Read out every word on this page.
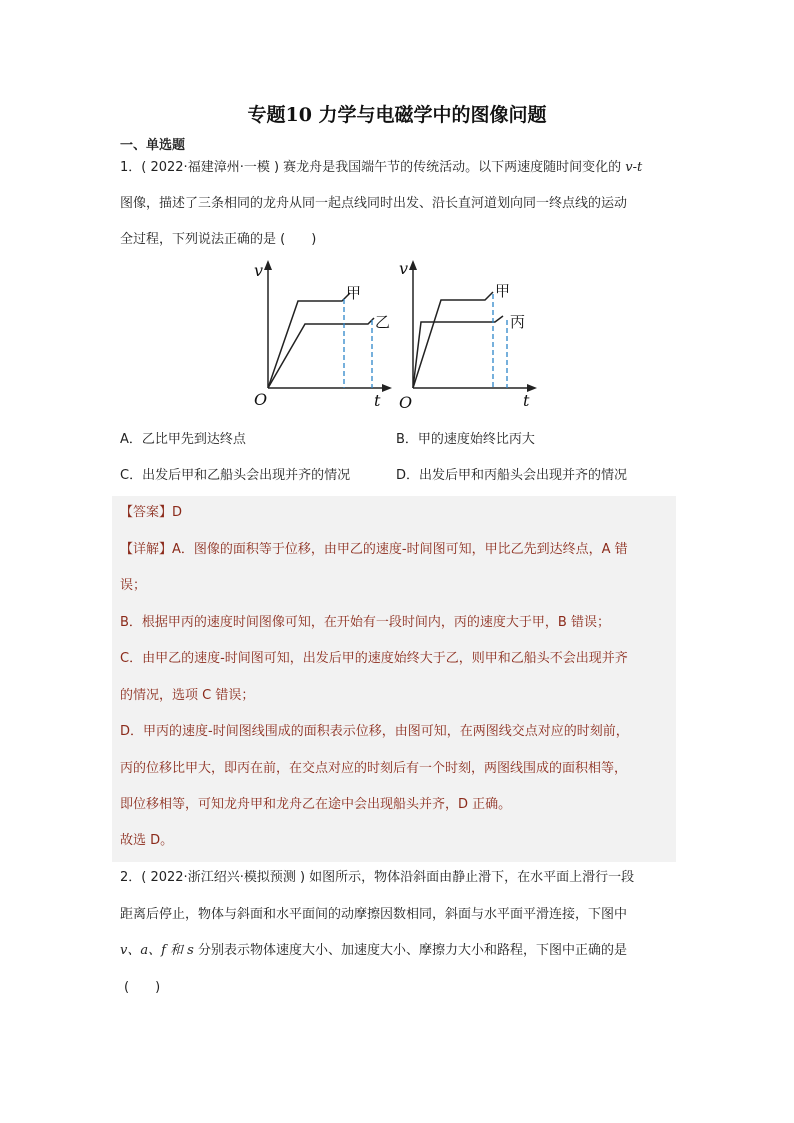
专题10 力学与电磁学中的图像问题
一、单选题
1．( 2022·福建漳州·一模 ) 赛龙舟是我国端午节的传统活动。以下两速度随时间变化的 v-t
图像，描述了三条相同的龙舟从同一起点线同时出发、沿长直河道划向同一终点线的运动
全过程，下列说法正确的是 (　　)
v
t
O
甲
乙
v
t
O
甲
丙
A．乙比甲先到达终点	B．甲的速度始终比丙大
C．出发后甲和乙船头会出现并齐的情况	D．出发后甲和丙船头会出现并齐的情况
【答案】D
【详解】A．图像的面积等于位移，由甲乙的速度-时间图可知，甲比乙先到达终点，A 错
误；
B．根据甲丙的速度时间图像可知，在开始有一段时间内，丙的速度大于甲，B 错误；
C．由甲乙的速度-时间图可知，出发后甲的速度始终大于乙，则甲和乙船头不会出现并齐
的情况，选项 C 错误；
D．甲丙的速度-时间图线围成的面积表示位移，由图可知，在两图线交点对应的时刻前，
丙的位移比甲大，即丙在前，在交点对应的时刻后有一个时刻，两图线围成的面积相等，
即位移相等，可知龙舟甲和龙舟乙在途中会出现船头并齐，D 正确。
故选 D。
2．( 2022·浙江绍兴·模拟预测 ) 如图所示，物体沿斜面由静止滑下，在水平面上滑行一段
距离后停止，物体与斜面和水平面间的动摩擦因数相同，斜面与水平面平滑连接，下图中
v、a、f 和 s 分别表示物体速度大小、加速度大小、摩擦力大小和路程，下图中正确的是
(　　)
